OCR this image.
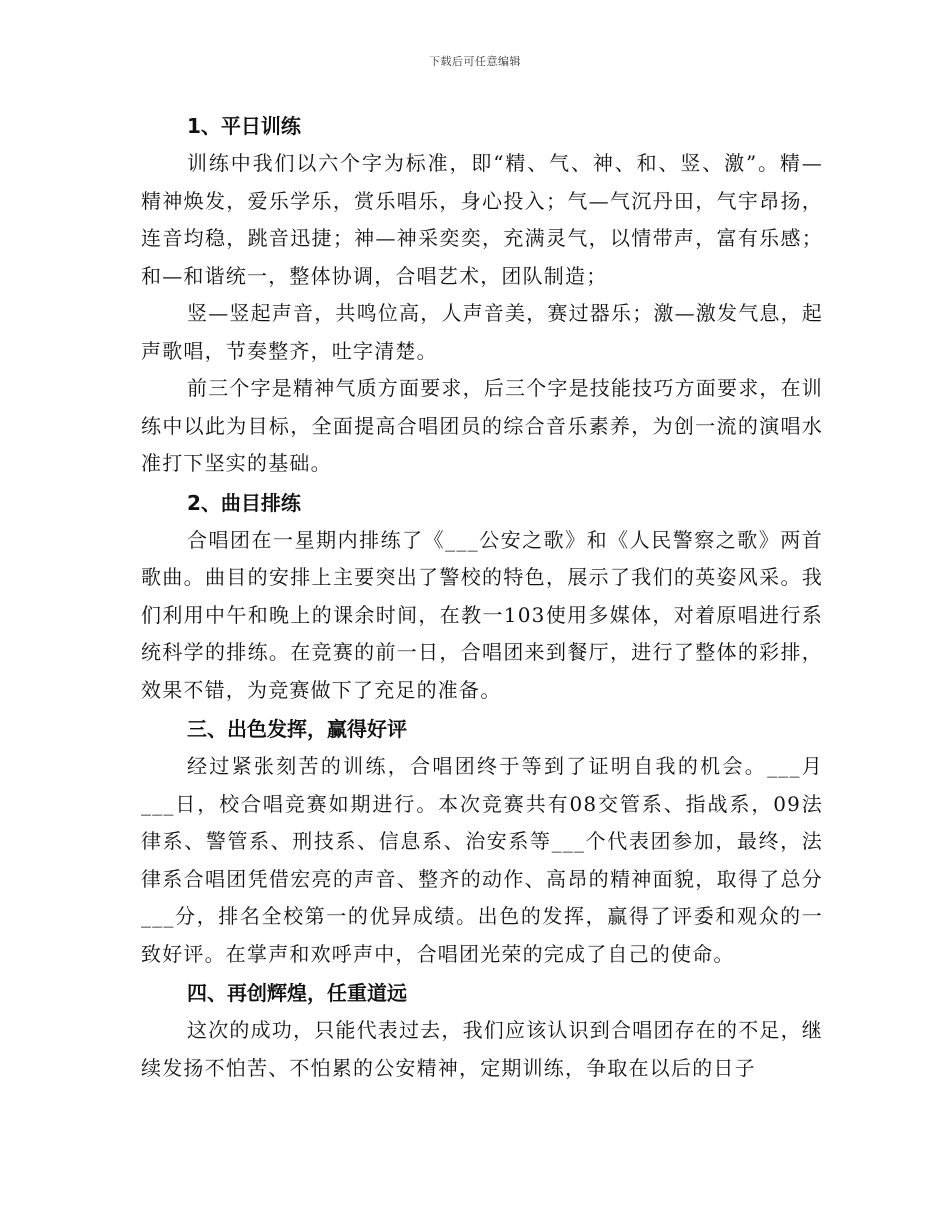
下载后可任意编辑
1、平日训练
训练中我们以六个字为标准，即“精、气、神、和、竖、激”。精—精神焕发，爱乐学乐，赏乐唱乐，身心投入；气—气沉丹田，气宇昂扬，连音均稳，跳音迅捷；神—神采奕奕，充满灵气，以情带声，富有乐感；和—和谐统一，整体协调，合唱艺术，团队制造；
竖—竖起声音，共鸣位高，人声音美，赛过器乐；激—激发气息，起声歌唱，节奏整齐，吐字清楚。
前三个字是精神气质方面要求，后三个字是技能技巧方面要求，在训练中以此为目标，全面提高合唱团员的综合音乐素养，为创一流的演唱水准打下坚实的基础。
2、曲目排练
合唱团在一星期内排练了《___公安之歌》和《人民警察之歌》两首歌曲。曲目的安排上主要突出了警校的特色，展示了我们的英姿风采。我们利用中午和晚上的课余时间，在教一103使用多媒体，对着原唱进行系统科学的排练。在竞赛的前一日，合唱团来到餐厅，进行了整体的彩排，效果不错，为竞赛做下了充足的准备。
三、出色发挥，赢得好评
经过紧张刻苦的训练，合唱团终于等到了证明自我的机会。___月___日，校合唱竞赛如期进行。本次竞赛共有08交管系、指战系，09法律系、警管系、刑技系、信息系、治安系等___个代表团参加，最终，法律系合唱团凭借宏亮的声音、整齐的动作、高昂的精神面貌，取得了总分___分，排名全校第一的优异成绩。出色的发挥，赢得了评委和观众的一致好评。在掌声和欢呼声中，合唱团光荣的完成了自己的使命。
四、再创辉煌，任重道远
这次的成功，只能代表过去，我们应该认识到合唱团存在的不足，继续发扬不怕苦、不怕累的公安精神，定期训练，争取在以后的日子
